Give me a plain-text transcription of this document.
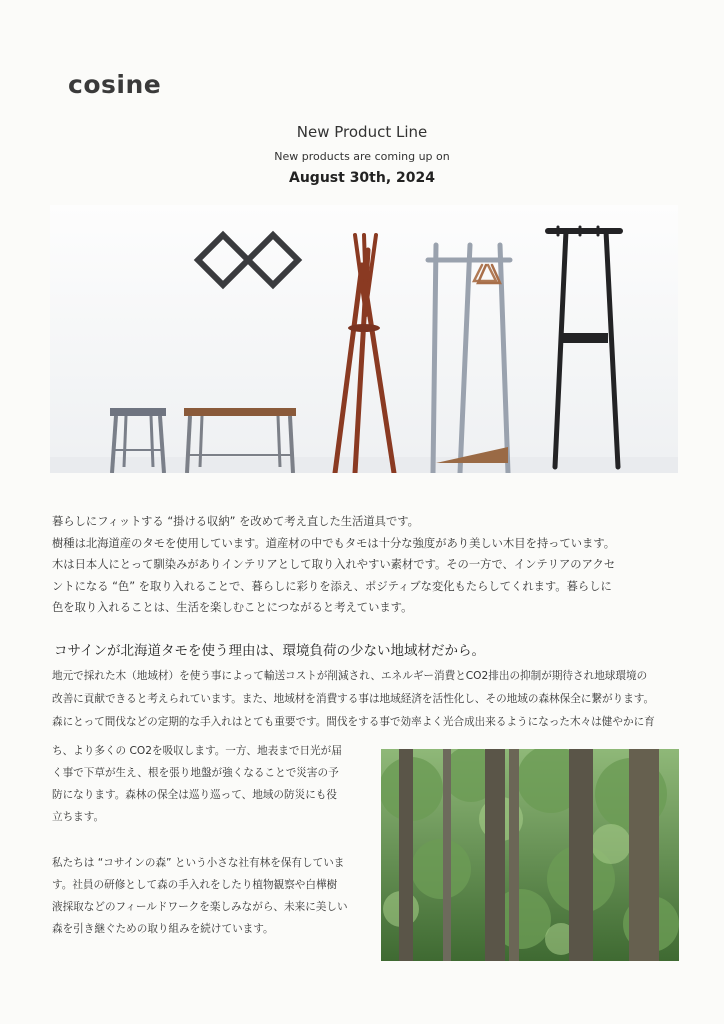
cosine
New Product Line
New products are coming up on
August 30th, 2024
暮らしにフィットする “掛ける収納” を改めて考え直した生活道具です。
樹種は北海道産のタモを使用しています。道産材の中でもタモは十分な強度があり美しい木目を持っています。
木は日本人にとって馴染みがありインテリアとして取り入れやすい素材です。その一方で、インテリアのアクセ
ントになる “色” を取り入れることで、暮らしに彩りを添え、ポジティブな変化もたらしてくれます。暮らしに
色を取り入れることは、生活を楽しむことにつながると考えています。
コサインが北海道タモを使う理由は、環境負荷の少ない地域材だから。
地元で採れた木（地域材）を使う事によって輸送コストが削減され、エネルギー消費とCO2排出の抑制が期待され地球環境の
改善に貢献できると考えられています。また、地域材を消費する事は地域経済を活性化し、その地域の森林保全に繋がります。
森にとって間伐などの定期的な手入れはとても重要です。間伐をする事で効率よく光合成出来るようになった木々は健やかに育
ち、より多くの CO2を吸収します。一方、地表まで日光が届
く事で下草が生え、根を張り地盤が強くなることで災害の予
防になります。森林の保全は巡り巡って、地域の防災にも役
立ちます。
私たちは “コサインの森” という小さな社有林を保有していま
す。社員の研修として森の手入れをしたり植物観察や白樺樹
液採取などのフィールドワークを楽しみながら、未来に美しい
森を引き継ぐための取り組みを続けています。
